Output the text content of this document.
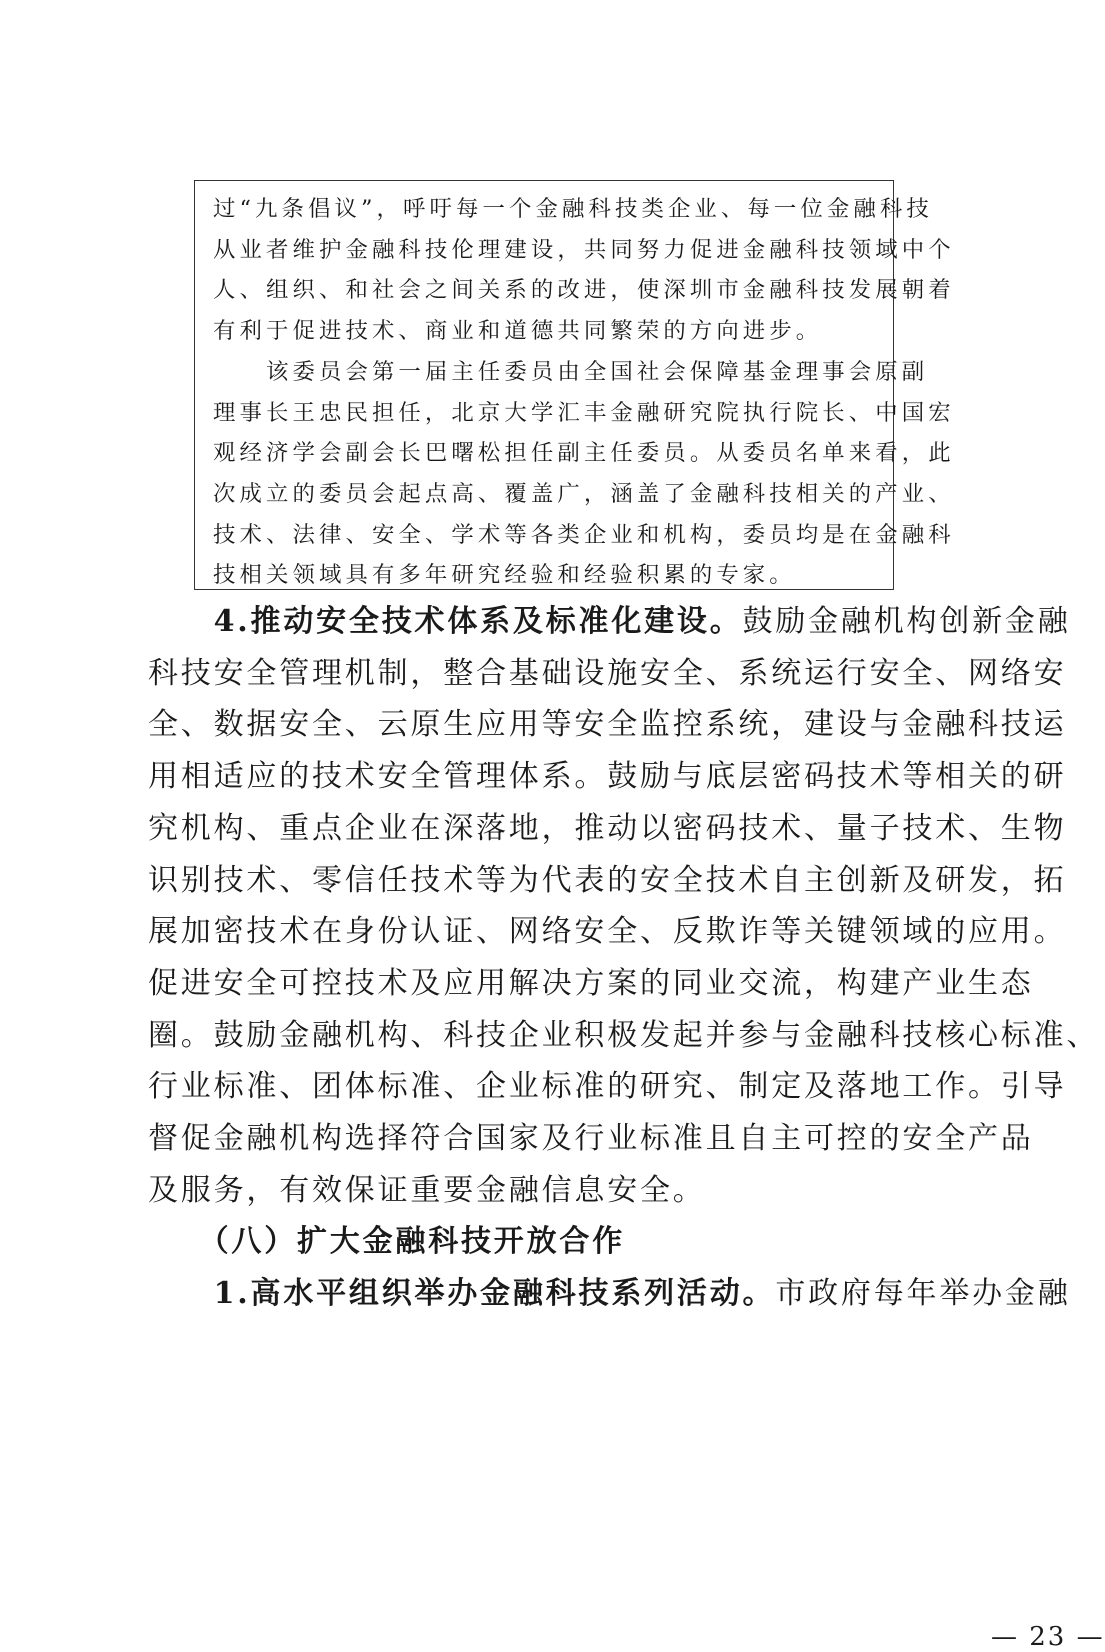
过“九条倡议”，呼吁每一个金融科技类企业、每一位金融科技

从业者维护金融科技伦理建设，共同努力促进金融科技领域中个

人、组织、和社会之间关系的改进，使深圳市金融科技发展朝着

有利于促进技术、商业和道德共同繁荣的方向进步。

　　该委员会第一届主任委员由全国社会保障基金理事会原副

理事长王忠民担任，北京大学汇丰金融研究院执行院长、中国宏

观经济学会副会长巴曙松担任副主任委员。从委员名单来看，此

次成立的委员会起点高、覆盖广，涵盖了金融科技相关的产业、

技术、法律、安全、学术等各类企业和机构，委员均是在金融科

技相关领域具有多年研究经验和经验积累的专家。

　　4.推动安全技术体系及标准化建设。鼓励金融机构创新金融

科技安全管理机制，整合基础设施安全、系统运行安全、网络安

全、数据安全、云原生应用等安全监控系统，建设与金融科技运

用相适应的技术安全管理体系。鼓励与底层密码技术等相关的研

究机构、重点企业在深落地，推动以密码技术、量子技术、生物

识别技术、零信任技术等为代表的安全技术自主创新及研发，拓

展加密技术在身份认证、网络安全、反欺诈等关键领域的应用。

促进安全可控技术及应用解决方案的同业交流，构建产业生态

圈。鼓励金融机构、科技企业积极发起并参与金融科技核心标准、

行业标准、团体标准、企业标准的研究、制定及落地工作。引导

督促金融机构选择符合国家及行业标准且自主可控的安全产品

及服务，有效保证重要金融信息安全。

　　（八）扩大金融科技开放合作

　　1.高水平组织举办金融科技系列活动。市政府每年举办金融

— 23 —
